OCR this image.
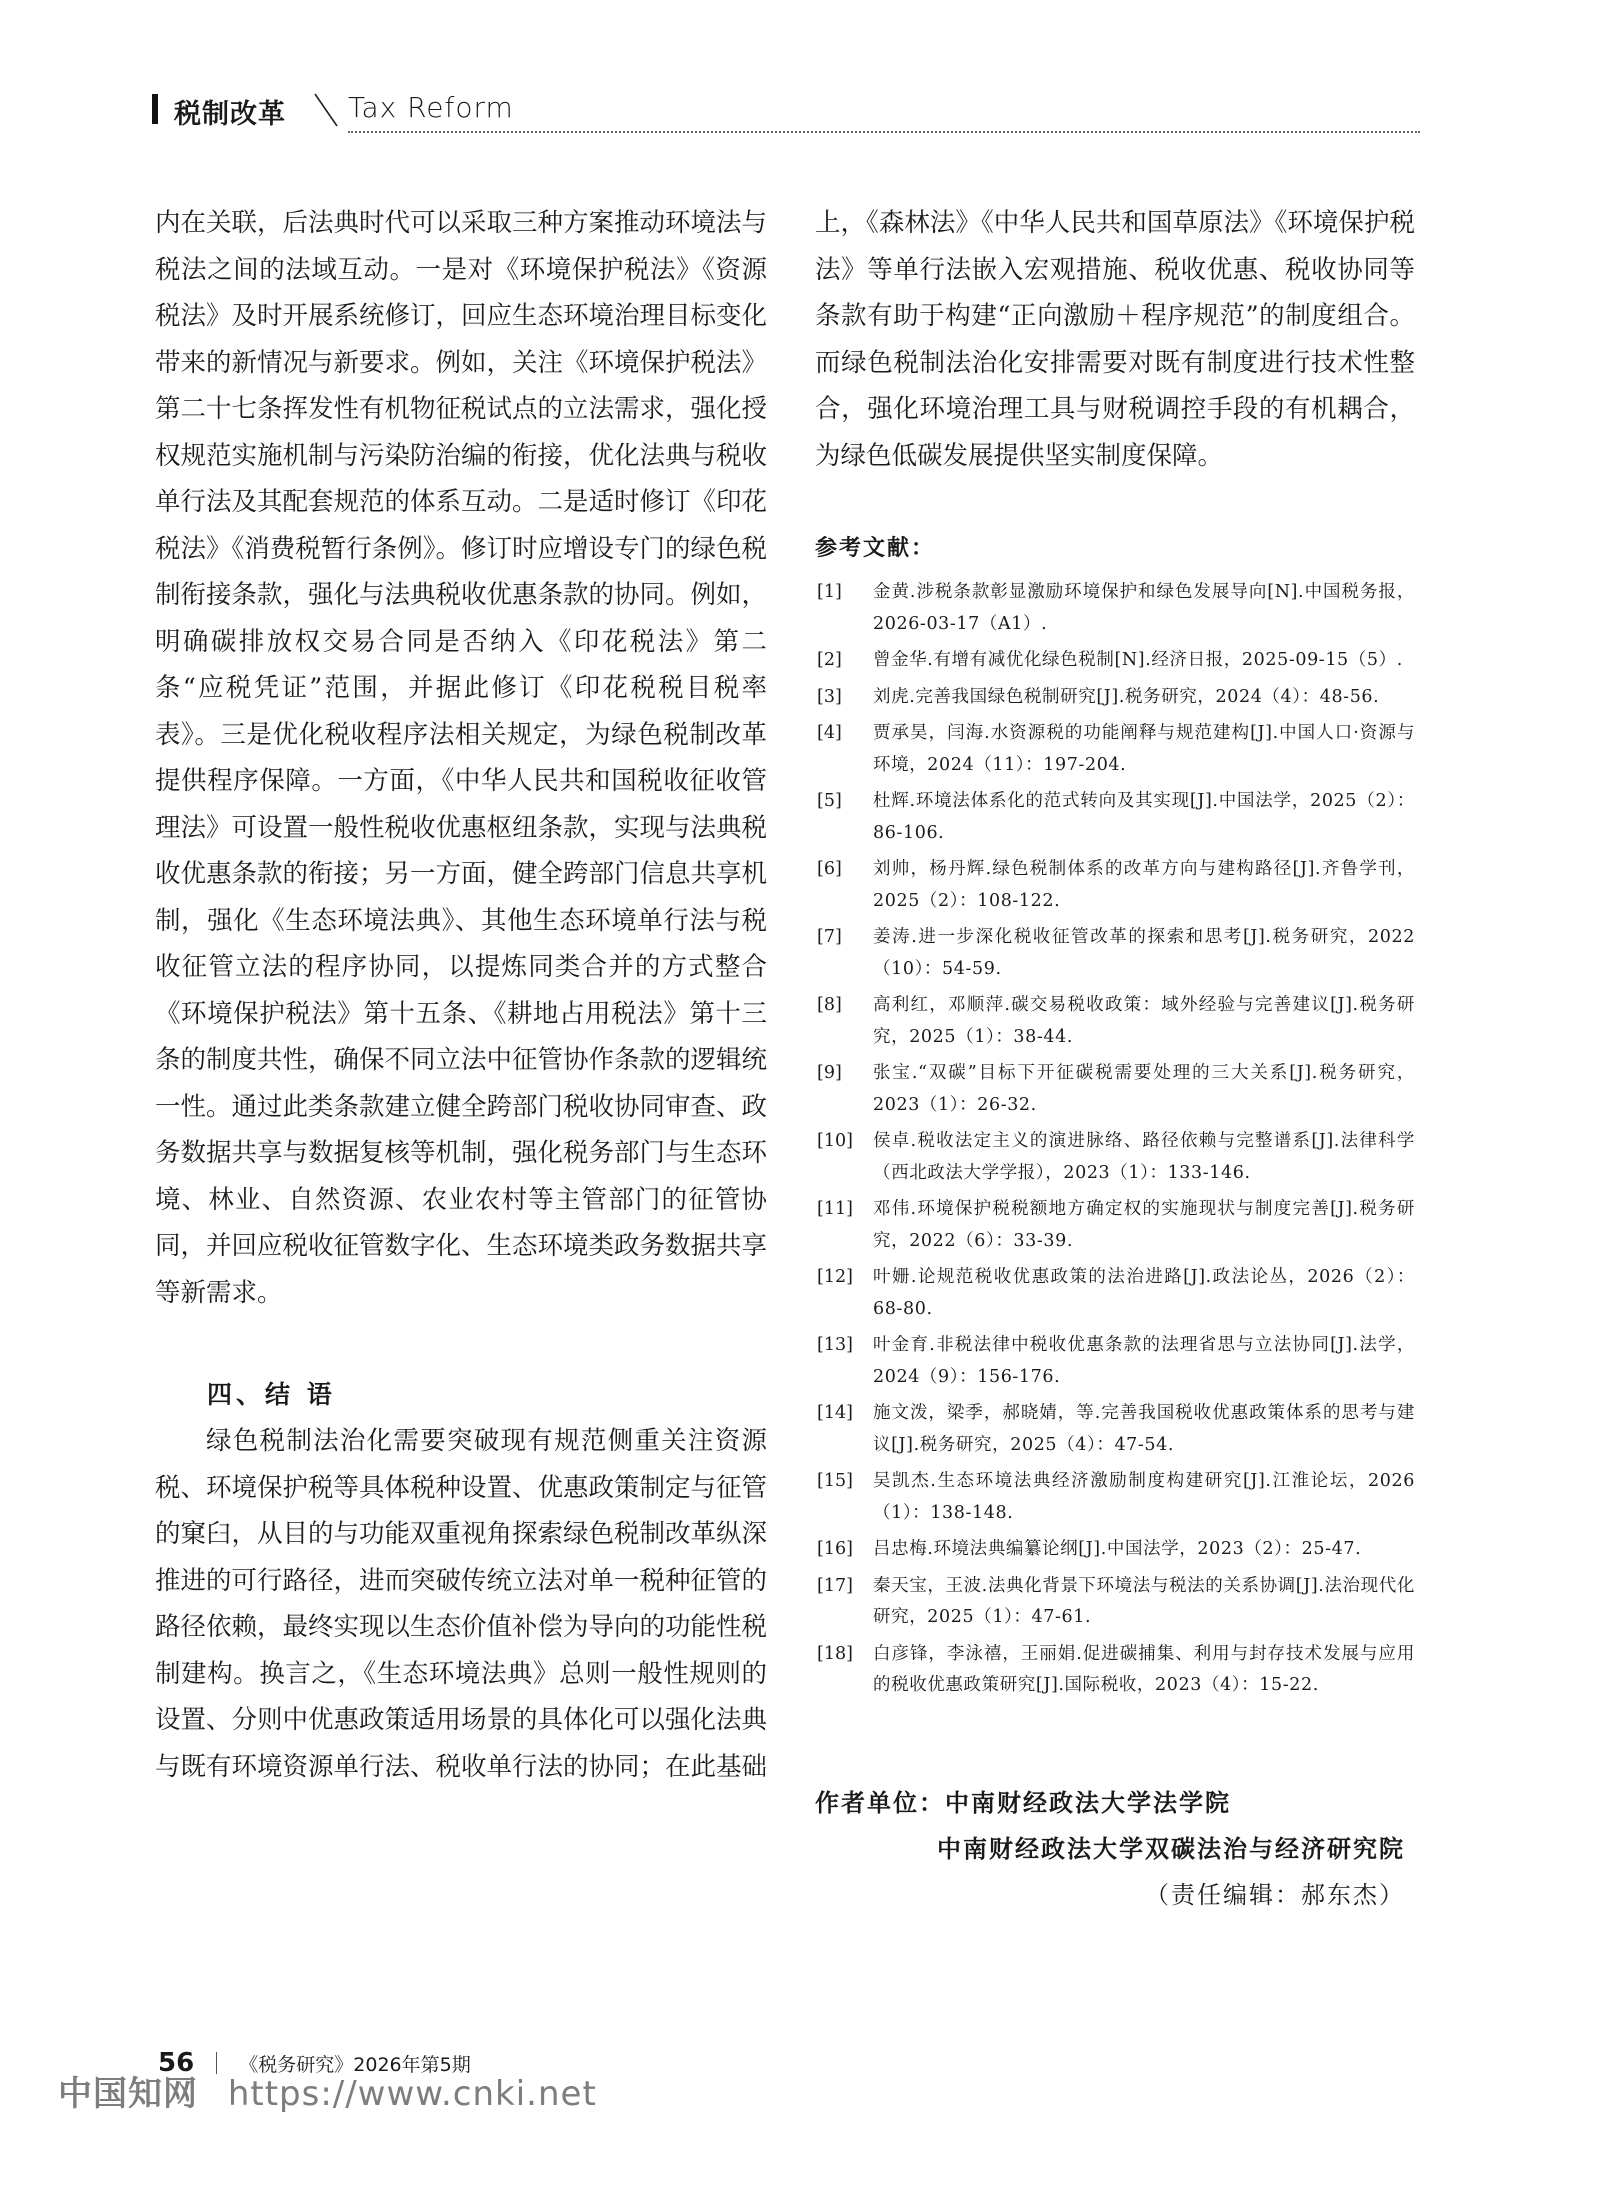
税制改革 Tax Reform

内在关联，后法典时代可以采取三种方案推动环境法与税法之间的法域互动。一是对《环境保护税法》《资源税法》及时开展系统修订，回应生态环境治理目标变化带来的新情况与新要求。例如，关注《环境保护税法》第二十七条挥发性有机物征税试点的立法需求，强化授权规范实施机制与污染防治编的衔接，优化法典与税收单行法及其配套规范的体系互动。二是适时修订《印花税法》《消费税暂行条例》。修订时应增设专门的绿色税制衔接条款，强化与法典税收优惠条款的协同。例如，明确碳排放权交易合同是否纳入《印花税法》第二条“应税凭证”范围，并据此修订《印花税税目税率表》。三是优化税收程序法相关规定，为绿色税制改革提供程序保障。一方面，《中华人民共和国税收征收管理法》可设置一般性税收优惠枢纽条款，实现与法典税收优惠条款的衔接；另一方面，健全跨部门信息共享机制，强化《生态环境法典》、其他生态环境单行法与税收征管立法的程序协同，以提炼同类合并的方式整合《环境保护税法》第十五条、《耕地占用税法》第十三条的制度共性，确保不同立法中征管协作条款的逻辑统一性。通过此类条款建立健全跨部门税收协同审查、政务数据共享与数据复核等机制，强化税务部门与生态环境、林业、自然资源、农业农村等主管部门的征管协同，并回应税收征管数字化、生态环境类政务数据共享等新需求。

四、结 语

绿色税制法治化需要突破现有规范侧重关注资源税、环境保护税等具体税种设置、优惠政策制定与征管的窠臼，从目的与功能双重视角探索绿色税制改革纵深推进的可行路径，进而突破传统立法对单一税种征管的路径依赖，最终实现以生态价值补偿为导向的功能性税制建构。换言之，《生态环境法典》总则一般性规则的设置、分则中优惠政策适用场景的具体化可以强化法典与既有环境资源单行法、税收单行法的协同；在此基础

上，《森林法》《中华人民共和国草原法》《环境保护税法》等单行法嵌入宏观措施、税收优惠、税收协同等条款有助于构建“正向激励＋程序规范”的制度组合。而绿色税制法治化安排需要对既有制度进行技术性整合，强化环境治理工具与财税调控手段的有机耦合，为绿色低碳发展提供坚实制度保障。

参考文献：
[1]	金黄.涉税条款彰显激励环境保护和绿色发展导向[N].中国税务报，2026-03-17（A1）.
[2]	曾金华.有增有减优化绿色税制[N].经济日报，2025-09-15（5）.
[3]	刘虎.完善我国绿色税制研究[J].税务研究，2024（4）：48-56.
[4]	贾承昊，闫海.水资源税的功能阐释与规范建构[J].中国人口·资源与环境，2024（11）：197-204.
[5]	杜辉.环境法体系化的范式转向及其实现[J].中国法学，2025（2）：86-106.
[6]	刘帅，杨丹辉.绿色税制体系的改革方向与建构路径[J].齐鲁学刊，2025（2）：108-122.
[7]	姜涛.进一步深化税收征管改革的探索和思考[J].税务研究，2022（10）：54-59.
[8]	高利红，邓顺萍.碳交易税收政策：域外经验与完善建议[J].税务研究，2025（1）：38-44.
[9]	张宝.“双碳”目标下开征碳税需要处理的三大关系[J].税务研究，2023（1）：26-32.
[10]	侯卓.税收法定主义的演进脉络、路径依赖与完整谱系[J].法律科学（西北政法大学学报），2023（1）：133-146.
[11]	邓伟.环境保护税税额地方确定权的实施现状与制度完善[J].税务研究，2022（6）：33-39.
[12]	叶姗.论规范税收优惠政策的法治进路[J].政法论丛，2026（2）：68-80.
[13]	叶金育.非税法律中税收优惠条款的法理省思与立法协同[J].法学，2024（9）：156-176.
[14]	施文泼，梁季，郝晓婧，等.完善我国税收优惠政策体系的思考与建议[J].税务研究，2025（4）：47-54.
[15]	吴凯杰.生态环境法典经济激励制度构建研究[J].江淮论坛，2026（1）：138-148.
[16]	吕忠梅.环境法典编纂论纲[J].中国法学，2023（2）：25-47.
[17]	秦天宝，王波.法典化背景下环境法与税法的关系协调[J].法治现代化研究，2025（1）：47-61.
[18]	白彦锋，李泳禧，王丽娟.促进碳捕集、利用与封存技术发展与应用的税收优惠政策研究[J].国际税收，2023（4）：15-22.
作者单位：中南财经政法大学法学院
中南财经政法大学双碳法治与经济研究院
（责任编辑：郝东杰）
56 《税务研究》2026年第5期
中国知网 https://www.cnki.net
